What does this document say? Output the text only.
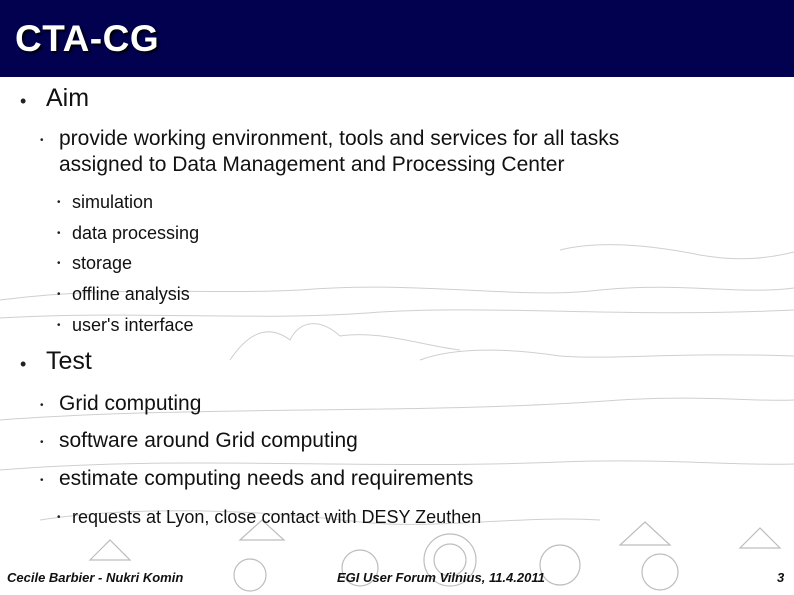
CTA-CG
• Aim
• provide working environment, tools and services for all tasks
assigned to Data Management and Processing Center
• simulation
• data processing
• storage
• offline analysis
• user's interface
• Test
• Grid computing
• software around Grid computing
• estimate computing needs and requirements
• requests at Lyon, close contact with DESY Zeuthen
Cecile Barbier - Nukri Komin	EGI User Forum Vilnius, 11.4.2011	3
